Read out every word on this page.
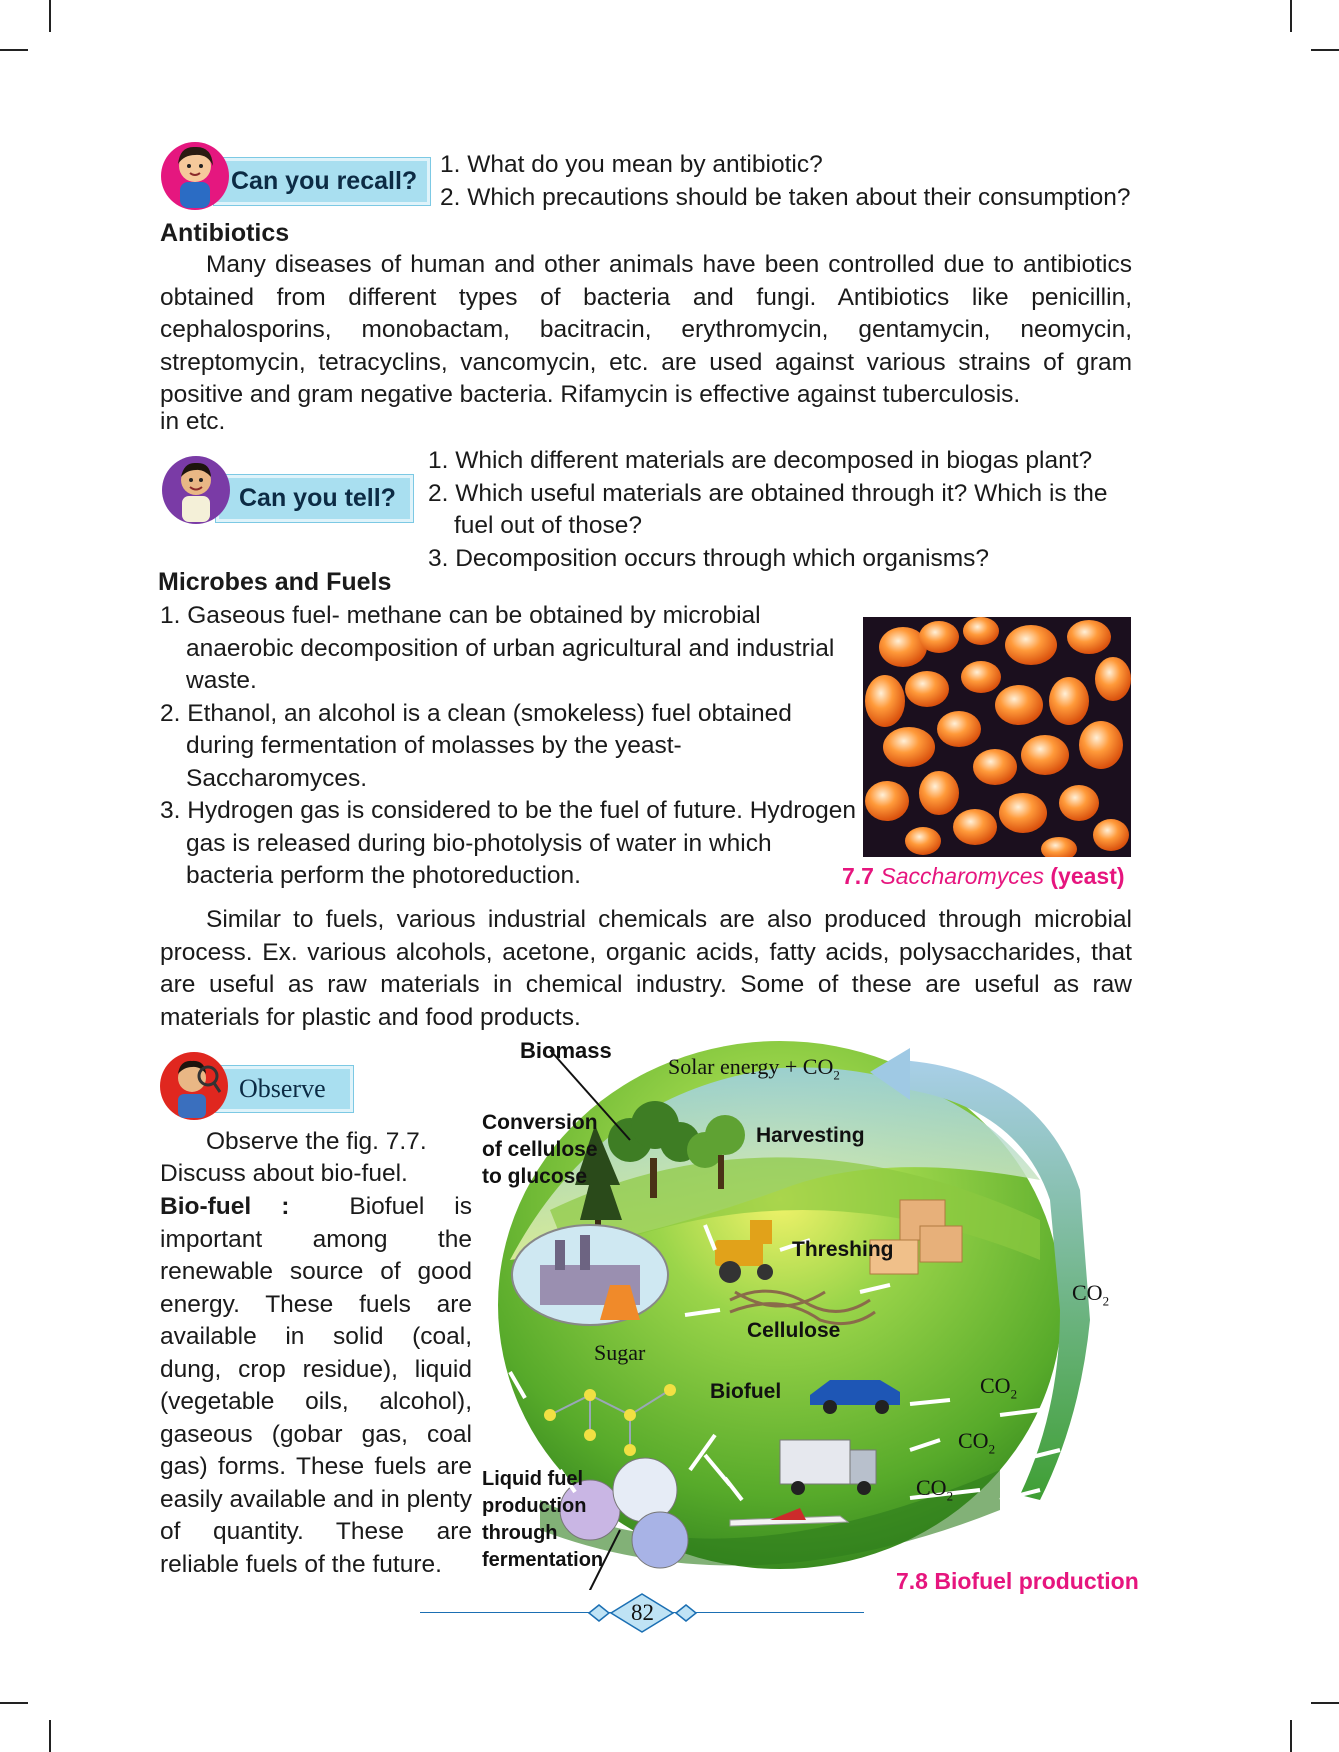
Can you recall?
1. What do you mean by antibiotic?
2. Which precautions should be taken about their consumption?
Antibiotics
Many diseases of human and other animals have been controlled due to antibiotics obtained from different types of bacteria and fungi. Antibiotics like penicillin, cephalosporins, monobactam, bacitracin, erythromycin, gentamycin, neomycin, streptomycin, tetracyclins, vancomycin, etc. are used against various strains of gram positive and gram negative bacteria. Rifamycin is effective against tuberculosis.
in etc.
Can you tell?
1. Which different materials are decomposed in biogas plant?
2. Which useful materials are obtained through it? Which is the
fuel out of those?
3. Decomposition occurs through which organisms?
Microbes and Fuels
1. Gaseous fuel- methane can be obtained by microbial anaerobic decomposition of urban agricultural and industrial waste.
2. Ethanol, an alcohol is a clean (smokeless) fuel obtained during fermentation of molasses by the yeast- Saccharomyces.
3. Hydrogen gas is considered to be the fuel of future. Hydrogen gas is released during bio-photolysis of water in which bacteria perform the photoreduction.	7.7 Saccharomyces (yeast)
Similar to fuels, various industrial chemicals are also produced through microbial process. Ex. various alcohols, acetone, organic acids, fatty acids, polysaccharides, that are useful as raw materials in chemical industry. Some of these are useful as raw materials for plastic and food products.
Observe
Observe the fig. 7.7.
Discuss about bio-fuel.
Bio-fuel : Biofuel is important among the renewable source of good energy. These fuels are available in solid (coal, dung, crop residue), liquid (vegetable oils, alcohol), gaseous (gobar gas, coal gas) forms. These fuels are easily available and in plenty of quantity. These are reliable fuels of the future.
Biomass
Solar energy + $CO_2$
Conversion
of cellulose
to glucose
Harvesting
Threshing
Cellulose
Sugar
Biofuel
Liquid fuel
production
through
fermentation
$CO_2$
$CO_2$
$CO_2$
$CO_2$
7.8 Biofuel production
82
